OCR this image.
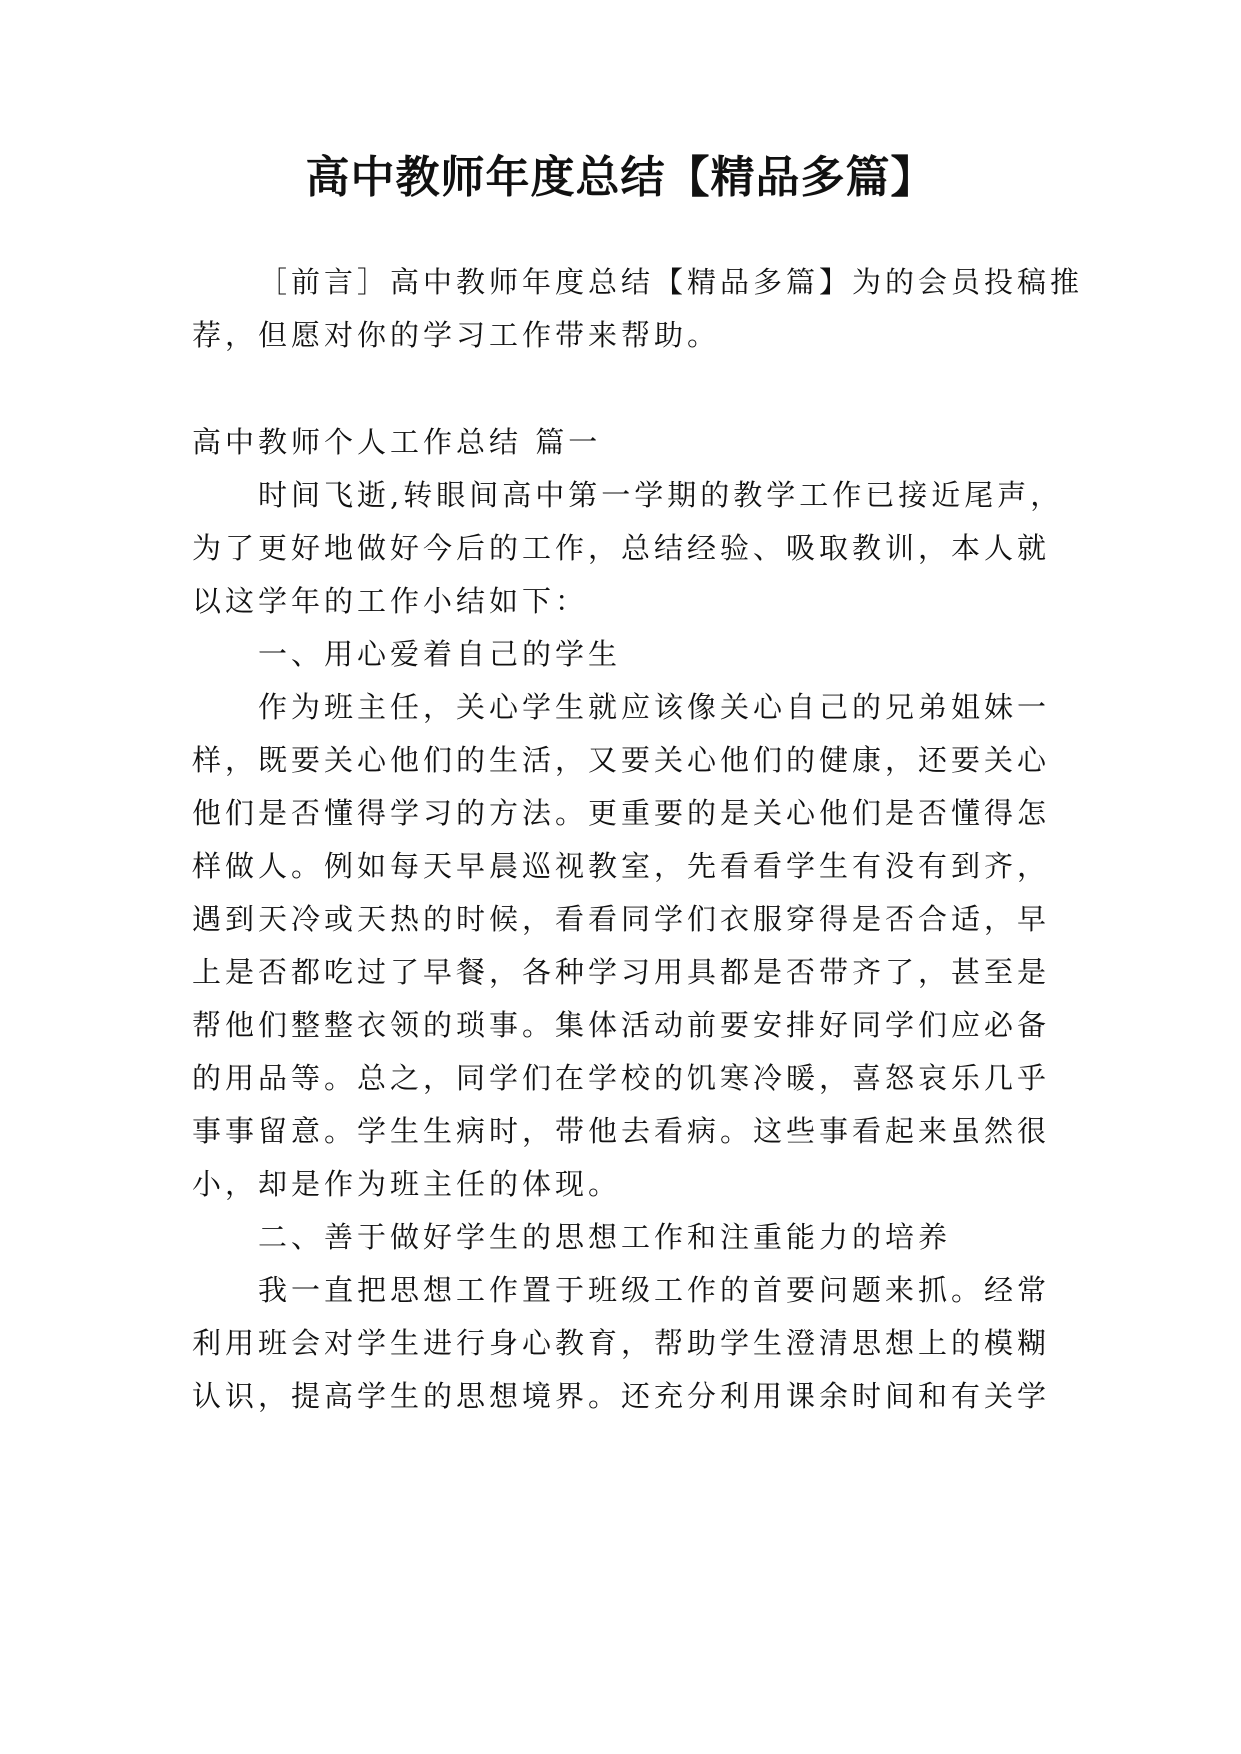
高中教师年度总结【精品多篇】

［前言］高中教师年度总结【精品多篇】为的会员投稿推

荐，但愿对你的学习工作带来帮助。

高中教师个人工作总结 篇一

时间飞逝,转眼间高中第一学期的教学工作已接近尾声，

为了更好地做好今后的工作，总结经验、吸取教训，本人就

以这学年的工作小结如下：

一、用心爱着自己的学生

作为班主任，关心学生就应该像关心自己的兄弟姐妹一

样，既要关心他们的生活，又要关心他们的健康，还要关心

他们是否懂得学习的方法。更重要的是关心他们是否懂得怎

样做人。例如每天早晨巡视教室，先看看学生有没有到齐，

遇到天冷或天热的时候，看看同学们衣服穿得是否合适，早

上是否都吃过了早餐，各种学习用具都是否带齐了，甚至是

帮他们整整衣领的琐事。集体活动前要安排好同学们应必备

的用品等。总之，同学们在学校的饥寒冷暖，喜怒哀乐几乎

事事留意。学生生病时，带他去看病。这些事看起来虽然很

小，却是作为班主任的体现。

二、善于做好学生的思想工作和注重能力的培养

我一直把思想工作置于班级工作的首要问题来抓。经常

利用班会对学生进行身心教育，帮助学生澄清思想上的模糊

认识，提高学生的思想境界。还充分利用课余时间和有关学
